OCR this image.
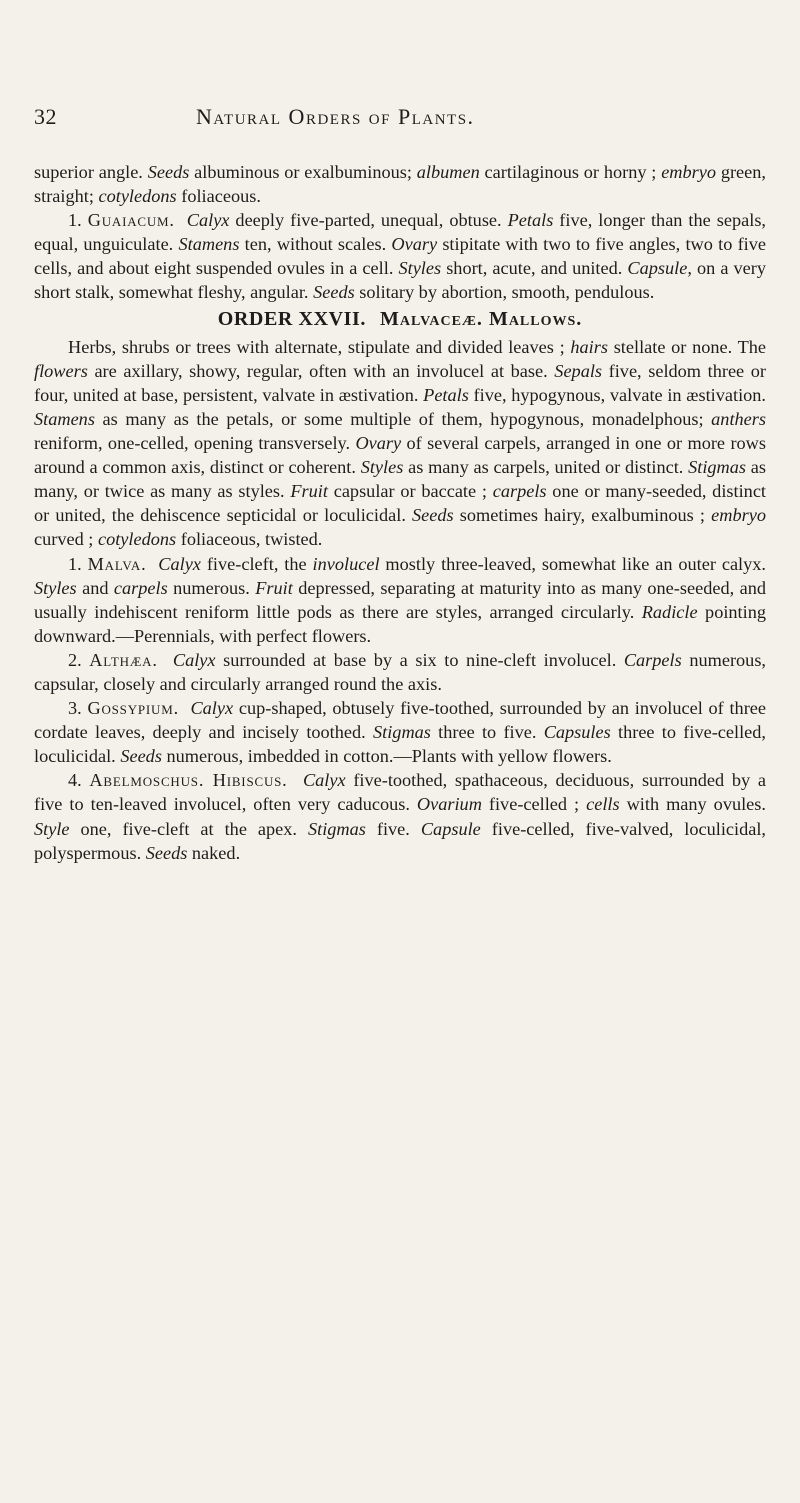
32	Natural Orders of Plants.

superior angle. Seeds albuminous or exalbuminous; albumen cartilaginous or horny ; embryo green, straight; cotyledons foliaceous.

1. Guaiacum. Calyx deeply five-parted, unequal, obtuse. Petals five, longer than the sepals, equal, unguiculate. Stamens ten, without scales. Ovary stipitate with two to five angles, two to five cells, and about eight suspended ovules in a cell. Styles short, acute, and united. Capsule, on a very short stalk, somewhat fleshy, angular. Seeds solitary by abortion, smooth, pendulous.

ORDER XXVII. Malvaceæ. Mallows.

Herbs, shrubs or trees with alternate, stipulate and divided leaves ; hairs stellate or none. The flowers are axillary, showy, regular, often with an involucel at base. Sepals five, seldom three or four, united at base, persistent, valvate in æstivation. Petals five, hypogynous, valvate in æstivation. Stamens as many as the petals, or some multiple of them, hypogynous, monadelphous; anthers reniform, one-celled, opening transversely. Ovary of several carpels, arranged in one or more rows around a common axis, distinct or coherent. Styles as many as carpels, united or distinct. Stigmas as many, or twice as many as styles. Fruit capsular or baccate ; carpels one or many-seeded, distinct or united, the dehiscence septicidal or loculicidal. Seeds sometimes hairy, exalbuminous ; embryo curved ; cotyledons foliaceous, twisted.

1. Malva. Calyx five-cleft, the involucel mostly three-leaved, somewhat like an outer calyx. Styles and carpels numerous. Fruit depressed, separating at maturity into as many one-seeded, and usually indehiscent reniform little pods as there are styles, arranged circularly. Radicle pointing downward.—Perennials, with perfect flowers.

2. Althæa. Calyx surrounded at base by a six to nine-cleft involucel. Carpels numerous, capsular, closely and circularly arranged round the axis.

3. Gossypium. Calyx cup-shaped, obtusely five-toothed, surrounded by an involucel of three cordate leaves, deeply and incisely toothed. Stigmas three to five. Capsules three to five-celled, loculicidal. Seeds numerous, imbedded in cotton.—Plants with yellow flowers.

4. Abelmoschus. Hibiscus. Calyx five-toothed, spathaceous, deciduous, surrounded by a five to ten-leaved involucel, often very caducous. Ovarium five-celled ; cells with many ovules. Style one, five-cleft at the apex. Stigmas five. Capsule five-celled, five-valved, loculicidal, polyspermous. Seeds naked.
